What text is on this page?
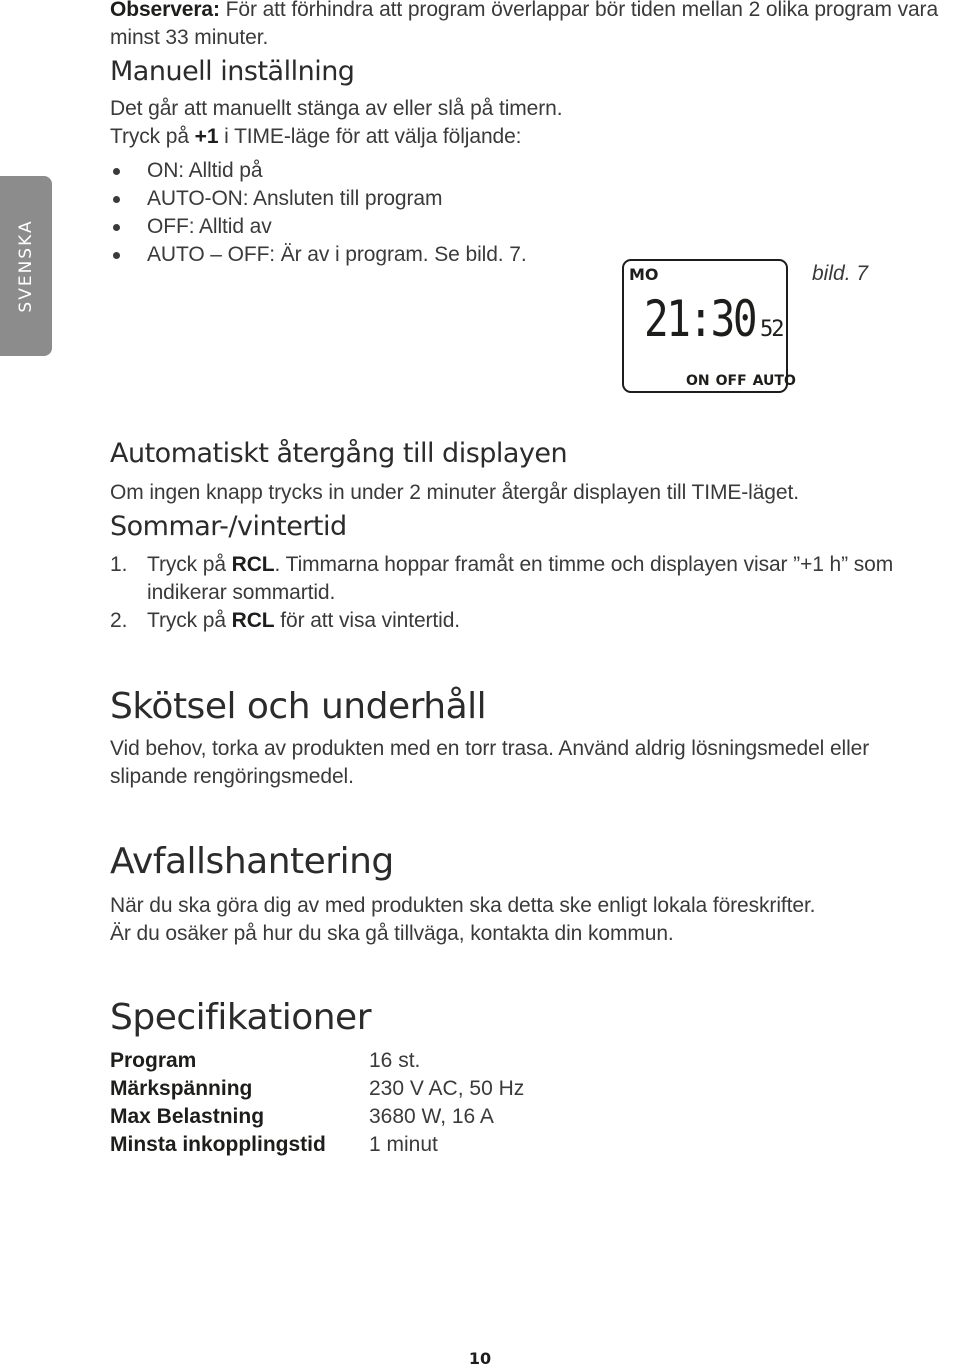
SVENSKA
Observera: För att förhindra att program överlappar bör tiden mellan 2 olika program vara minst 33 minuter.
Manuell inställning
Det går att manuellt stänga av eller slå på timern.
Tryck på +1 i TIME-läge för att välja följande:
ON: Alltid på
AUTO-ON: Ansluten till program
OFF: Alltid av
AUTO – OFF: Är av i program. Se bild. 7.
MO
21:30 52
ON OFF AUTO
bild. 7
Automatiskt återgång till displayen
Om ingen knapp trycks in under 2 minuter återgår displayen till TIME-läget.
Sommar-/vintertid
1. Tryck på RCL. Timmarna hoppar framåt en timme och displayen visar ”+1 h” som indikerar sommartid.
2. Tryck på RCL för att visa vintertid.
Skötsel och underhåll
Vid behov, torka av produkten med en torr trasa. Använd aldrig lösningsmedel eller slipande rengöringsmedel.
Avfallshantering
När du ska göra dig av med produkten ska detta ske enligt lokala föreskrifter.
Är du osäker på hur du ska gå tillväga, kontakta din kommun.
Specifikationer
Program	16 st.
Märkspänning	230 V AC, 50 Hz
Max Belastning	3680 W, 16 A
Minsta inkopplingstid	1 minut
10
